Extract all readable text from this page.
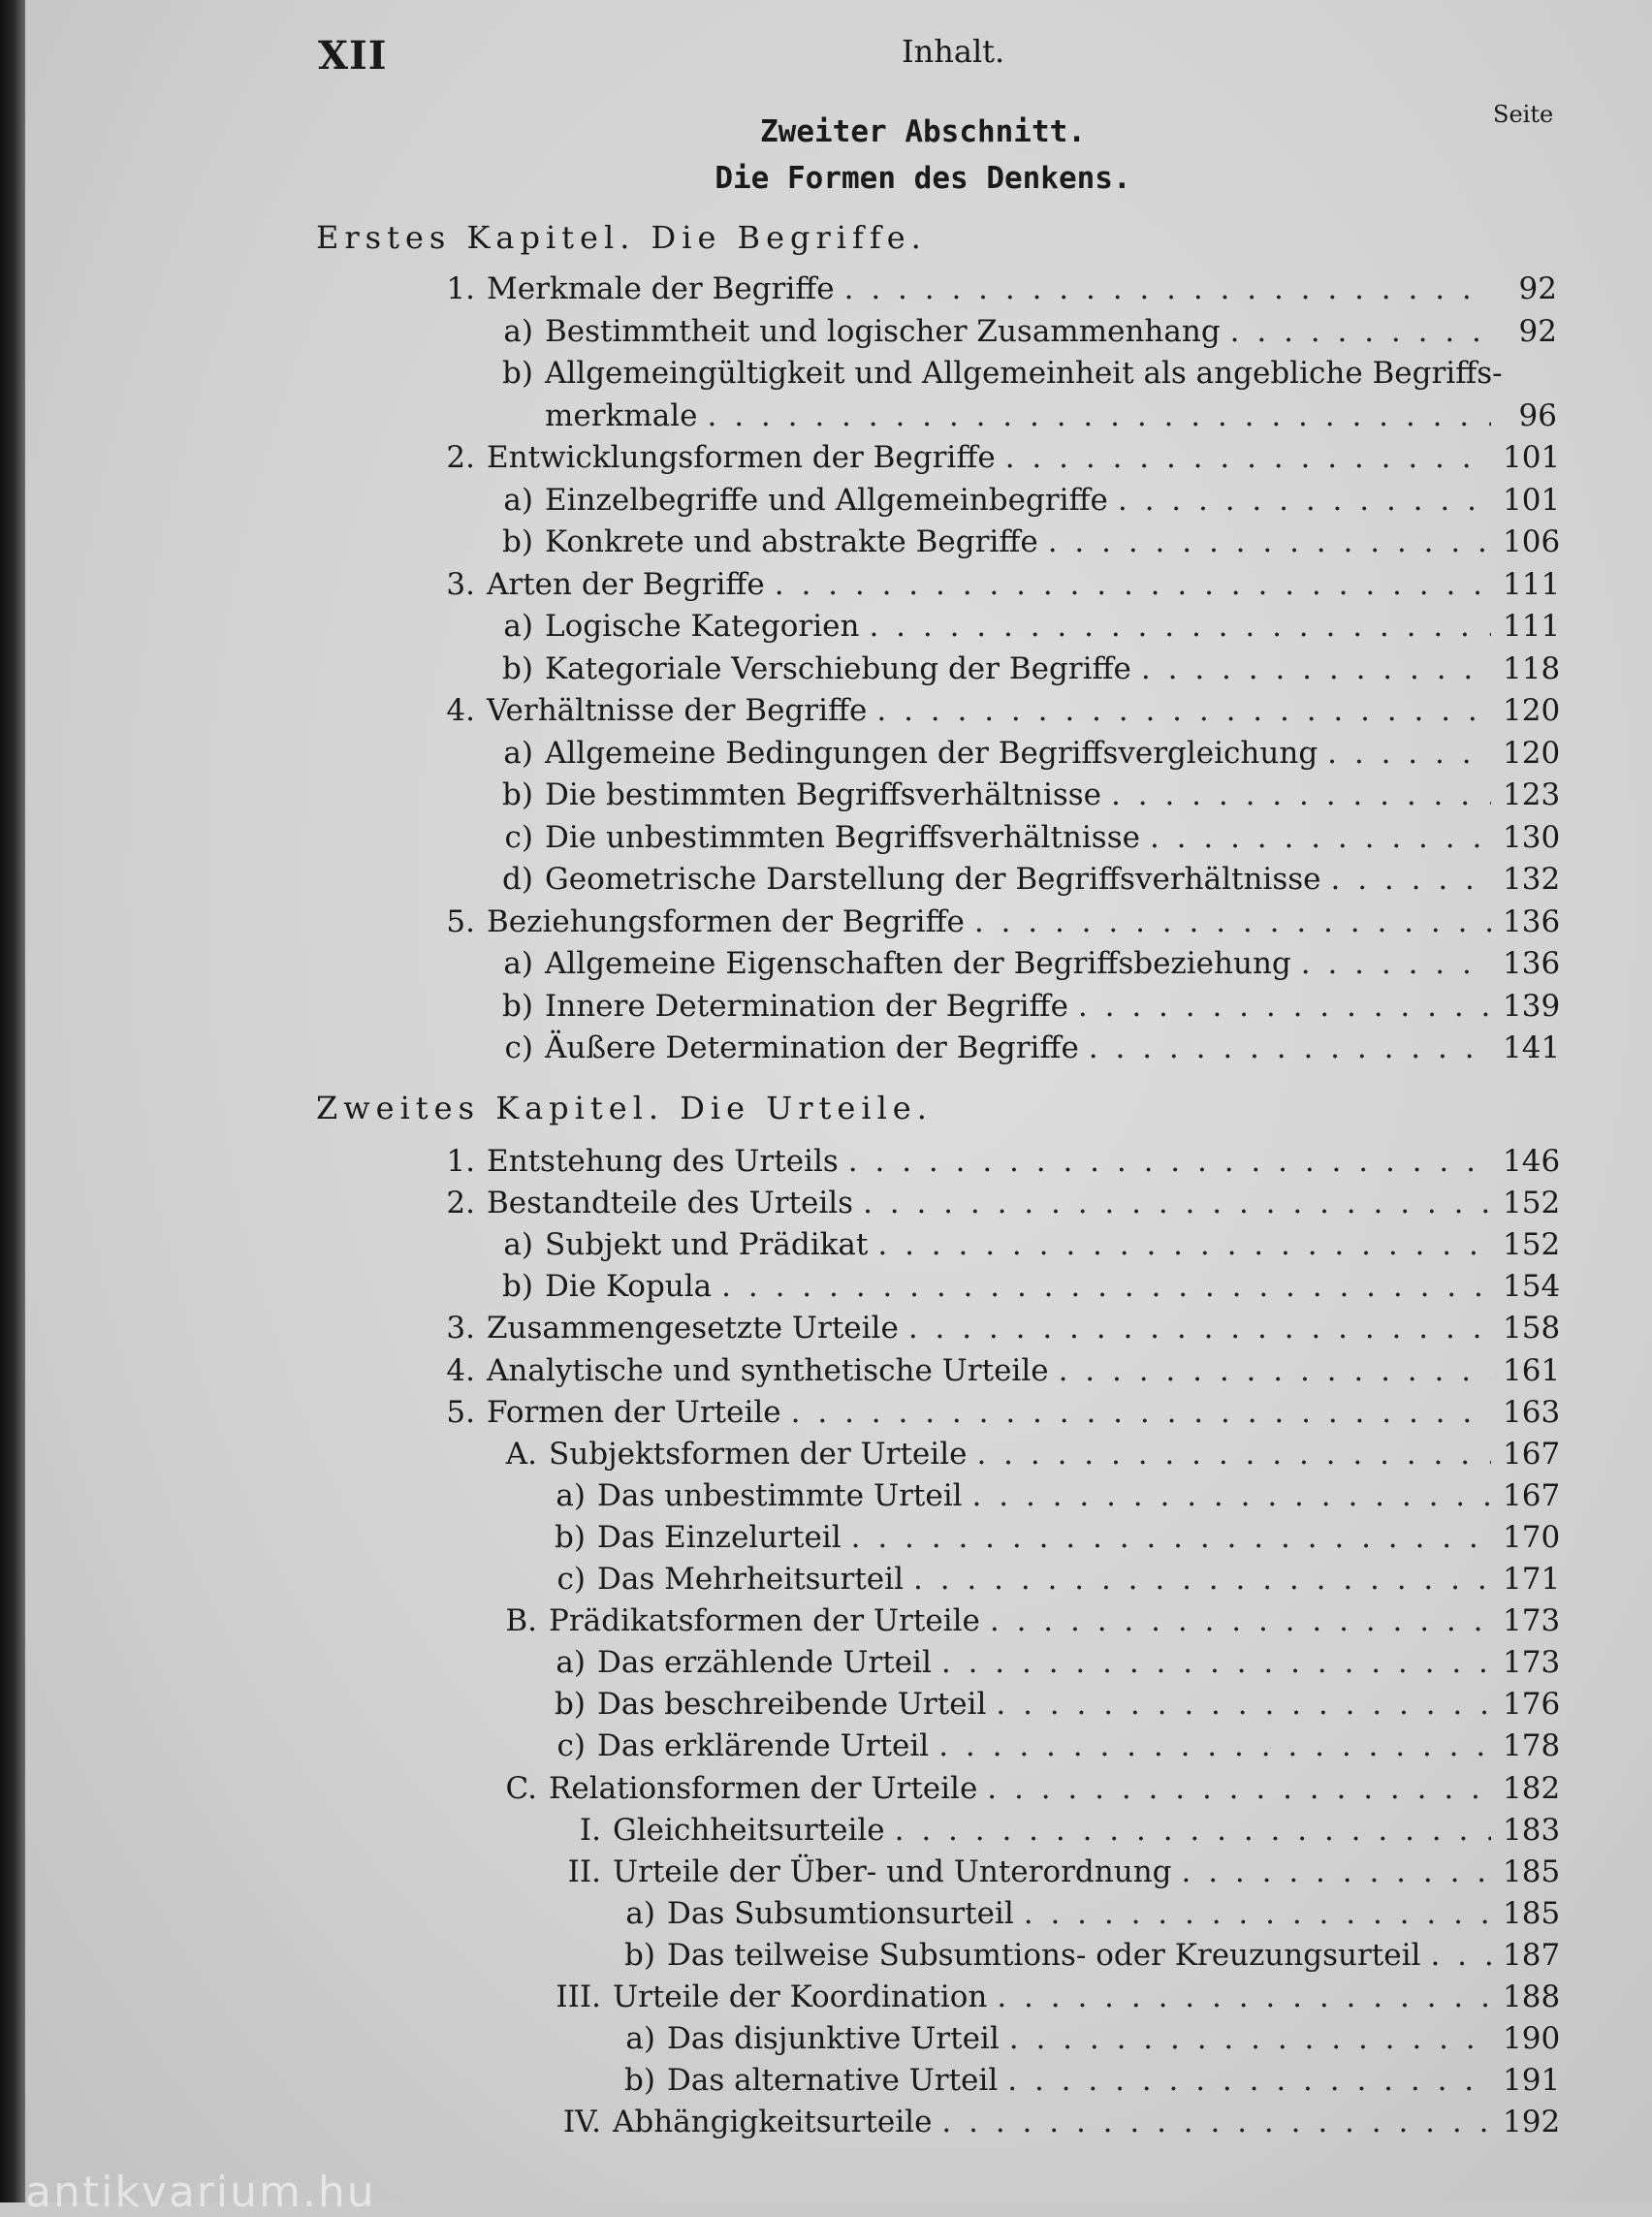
XII	Inhalt.
Seite
Zweiter Abschnitt.
Die Formen des Denkens.
Erstes Kapitel. Die Begriffe.
1. Merkmale der Begriffe . . .	92
a) Bestimmtheit und logischer Zusammenhang . . .	92
b) Allgemeingültigkeit und Allgemeinheit als angebliche Begriffs-
merkmale . . .	96
2. Entwicklungsformen der Begriffe . . .	101
a) Einzelbegriffe und Allgemeinbegriffe . . .	101
b) Konkrete und abstrakte Begriffe . . .	106
3. Arten der Begriffe . . .	111
a) Logische Kategorien . . .	111
b) Kategoriale Verschiebung der Begriffe . . .	118
4. Verhältnisse der Begriffe . . .	120
a) Allgemeine Bedingungen der Begriffsvergleichung . . .	120
b) Die bestimmten Begriffsverhältnisse . . .	123
c) Die unbestimmten Begriffsverhältnisse . . .	130
d) Geometrische Darstellung der Begriffsverhältnisse . . .	132
5. Beziehungsformen der Begriffe . . .	136
a) Allgemeine Eigenschaften der Begriffsbeziehung . . .	136
b) Innere Determination der Begriffe . . .	139
c) Äußere Determination der Begriffe . . .	141
Zweites Kapitel. Die Urteile.
1. Entstehung des Urteils . . .	146
2. Bestandteile des Urteils . . .	152
a) Subjekt und Prädikat . . .	152
b) Die Kopula . . .	154
3. Zusammengesetzte Urteile . . .	158
4. Analytische und synthetische Urteile . . .	161
5. Formen der Urteile . . .	163
A. Subjektsformen der Urteile . . .	167
a) Das unbestimmte Urteil . . .	167
b) Das Einzelurteil . . .	170
c) Das Mehrheitsurteil . . .	171
B. Prädikatsformen der Urteile . . .	173
a) Das erzählende Urteil . . .	173
b) Das beschreibende Urteil . . .	176
c) Das erklärende Urteil . . .	178
C. Relationsformen der Urteile . . .	182
I. Gleichheitsurteile . . .	183
II. Urteile der Über- und Unterordnung . . .	185
a) Das Subsumtionsurteil . . .	185
b) Das teilweise Subsumtions- oder Kreuzungsurteil . . .	187
III. Urteile der Koordination . . .	188
a) Das disjunktive Urteil . . .	190
b) Das alternative Urteil . . .	191
IV. Abhängigkeitsurteile . . .	192
antikvarium.hu
